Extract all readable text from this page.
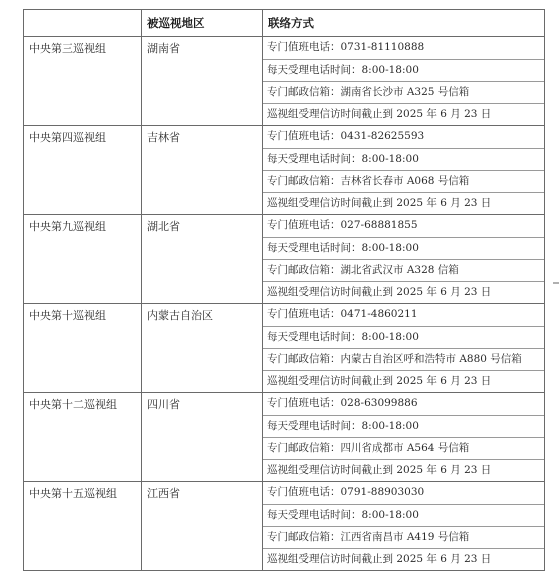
	被巡视地区	联络方式
中央第三巡视组	湖南省	专门值班电话：0731-81110888
每天受理电话时间：8:00-18:00
专门邮政信箱：湖南省长沙市 A325 号信箱
巡视组受理信访时间截止到 2025 年 6 月 23 日

中央第四巡视组	吉林省	专门值班电话：0431-82625593
每天受理电话时间：8:00-18:00
专门邮政信箱：吉林省长春市 A068 号信箱
巡视组受理信访时间截止到 2025 年 6 月 23 日

中央第九巡视组	湖北省	专门值班电话：027-68881855
每天受理电话时间：8:00-18:00
专门邮政信箱：湖北省武汉市 A328 信箱
巡视组受理信访时间截止到 2025 年 6 月 23 日

中央第十巡视组	内蒙古自治区	专门值班电话：0471-4860211
每天受理电话时间：8:00-18:00
专门邮政信箱：内蒙古自治区呼和浩特市 A880 号信箱
巡视组受理信访时间截止到 2025 年 6 月 23 日

中央第十二巡视组	四川省	专门值班电话：028-63099886
每天受理电话时间：8:00-18:00
专门邮政信箱：四川省成都市 A564 号信箱
巡视组受理信访时间截止到 2025 年 6 月 23 日

中央第十五巡视组	江西省	专门值班电话：0791-88903030
每天受理电话时间：8:00-18:00
专门邮政信箱：江西省南昌市 A419 号信箱
巡视组受理信访时间截止到 2025 年 6 月 23 日
